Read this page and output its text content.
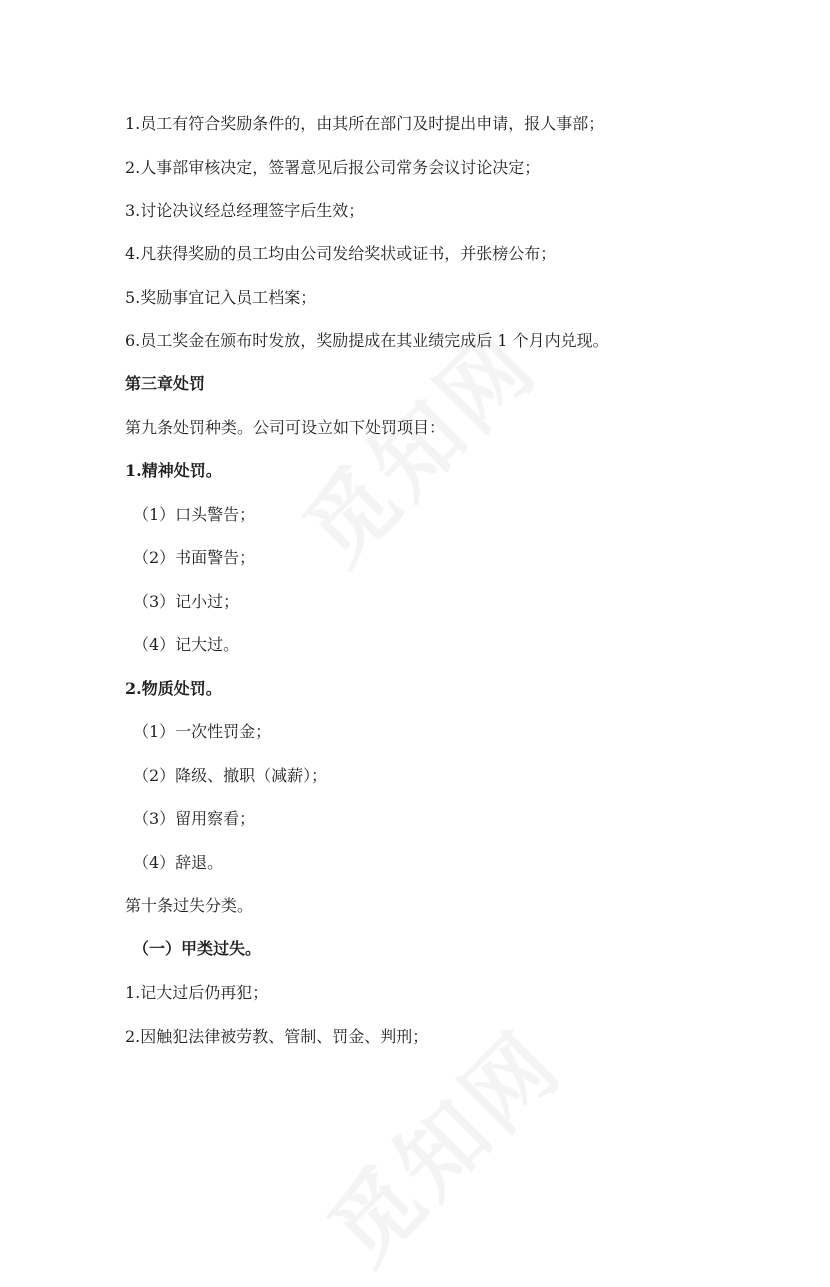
1.员工有符合奖励条件的，由其所在部门及时提出申请，报人事部；
2.人事部审核决定，签署意见后报公司常务会议讨论决定；
3.讨论决议经总经理签字后生效；
4.凡获得奖励的员工均由公司发给奖状或证书，并张榜公布；
5.奖励事宜记入员工档案；
6.员工奖金在颁布时发放，奖励提成在其业绩完成后 1 个月内兑现。
第三章处罚
第九条处罚种类。公司可设立如下处罚项目：
1.精神处罚。
（1）口头警告；
（2）书面警告；
（3）记小过；
（4）记大过。
2.物质处罚。
（1）一次性罚金；
（2）降级、撤职（减薪）；
（3）留用察看；
（4）辞退。
第十条过失分类。
（一）甲类过失。
1.记大过后仍再犯；
2.因触犯法律被劳教、管制、罚金、判刑；
